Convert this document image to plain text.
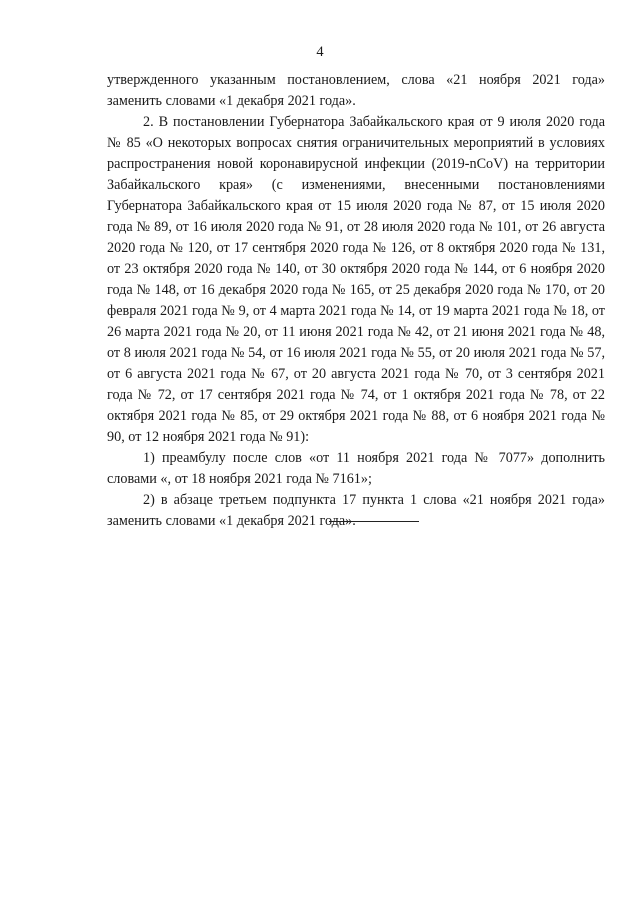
4

утвержденного указанным постановлением, слова «21 ноября 2021 года» заменить словами «1 декабря 2021 года».

2. В постановлении Губернатора Забайкальского края от 9 июля 2020 года № 85 «О некоторых вопросах снятия ограничительных мероприятий в условиях распространения новой коронавирусной инфекции (2019-nCoV) на территории Забайкальского края» (с изменениями, внесенными постановлениями Губернатора Забайкальского края от 15 июля 2020 года № 87, от 15 июля 2020 года № 89, от 16 июля 2020 года № 91, от 28 июля 2020 года № 101, от 26 августа 2020 года № 120, от 17 сентября 2020 года № 126, от 8 октября 2020 года № 131, от 23 октября 2020 года № 140, от 30 октября 2020 года № 144, от 6 ноября 2020 года № 148, от 16 декабря 2020 года № 165, от 25 декабря 2020 года № 170, от 20 февраля 2021 года № 9, от 4 марта 2021 года № 14, от 19 марта 2021 года № 18, от 26 марта 2021 года № 20, от 11 июня 2021 года № 42, от 21 июня 2021 года № 48, от 8 июля 2021 года № 54, от 16 июля 2021 года № 55, от 20 июля 2021 года № 57, от 6 августа 2021 года № 67, от 20 августа 2021 года № 70, от 3 сентября 2021 года № 72, от 17 сентября 2021 года № 74, от 1 октября 2021 года № 78, от 22 октября 2021 года № 85, от 29 октября 2021 года № 88, от 6 ноября 2021 года № 90, от 12 ноября 2021 года № 91):

1) преамбулу после слов «от 11 ноября 2021 года № 7077» дополнить словами «, от 18 ноября 2021 года № 7161»;

2) в абзаце третьем подпункта 17 пункта 1 слова «21 ноября 2021 года» заменить словами «1 декабря 2021 года».
